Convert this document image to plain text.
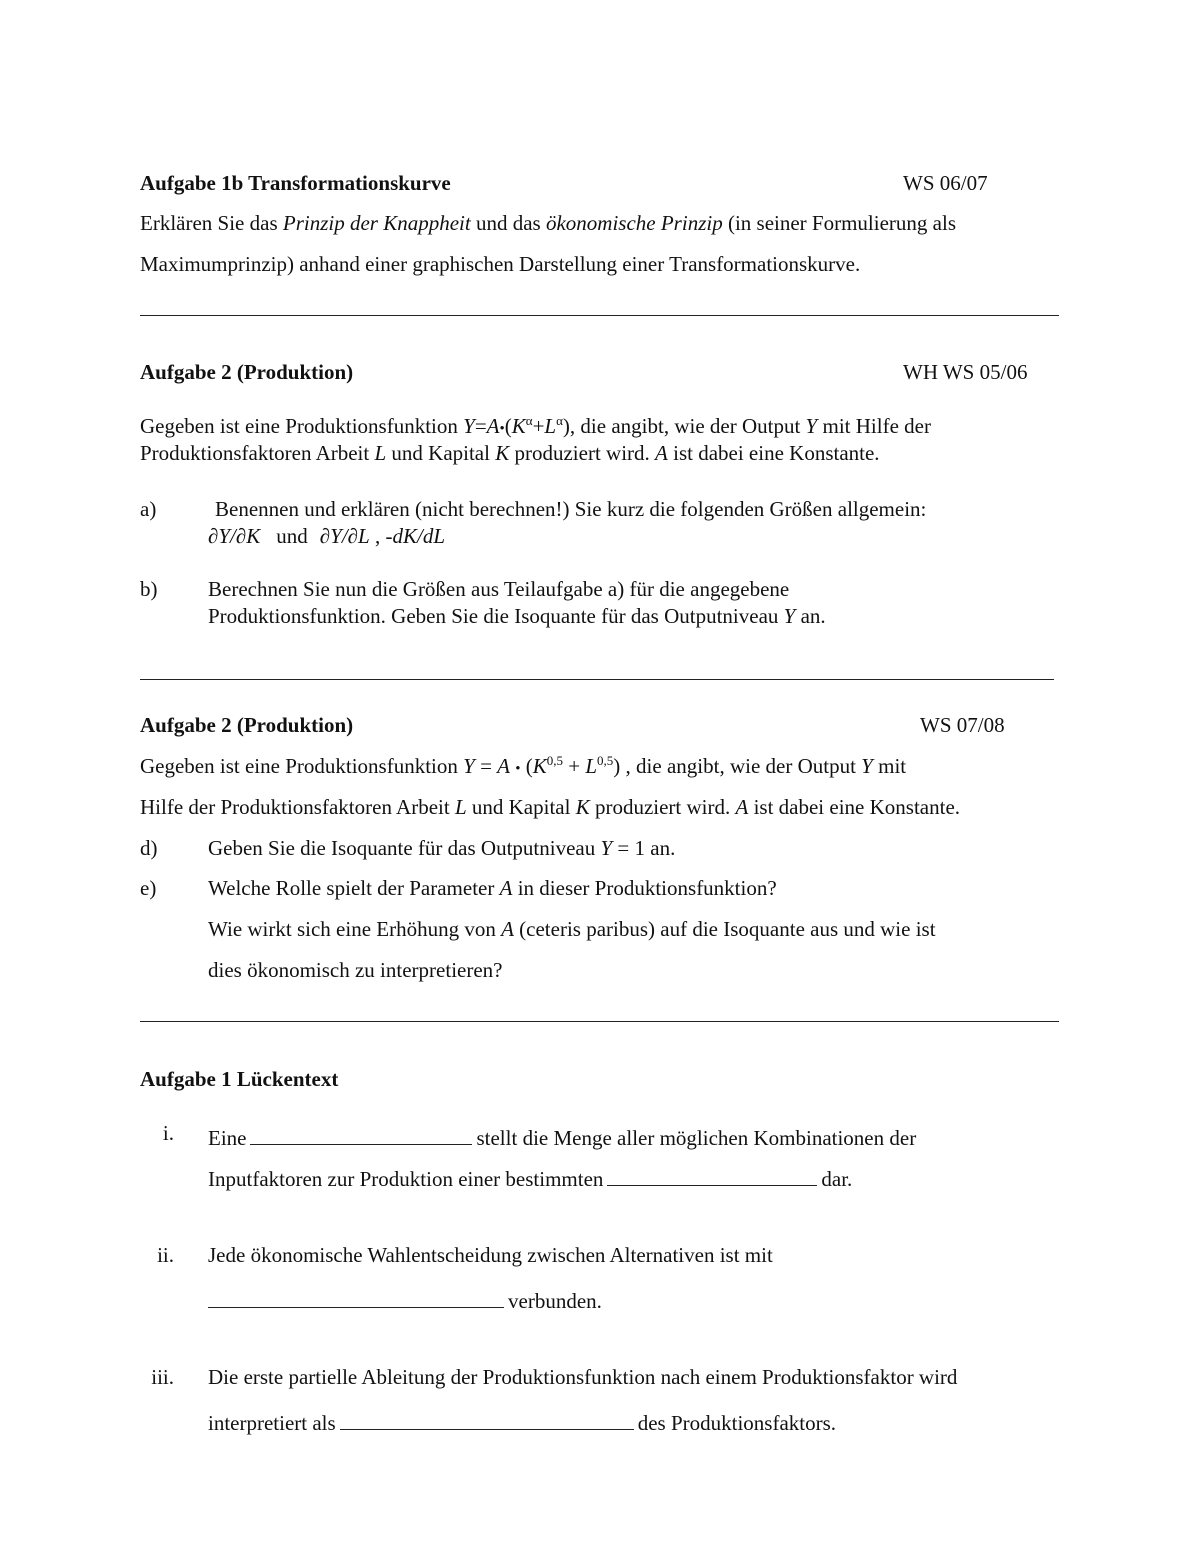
Aufgabe 1b Transformationskurve	WS 06/07
Erklären Sie das Prinzip der Knappheit und das ökonomische Prinzip (in seiner Formulierung als
Maximumprinzip) anhand einer graphischen Darstellung einer Transformationskurve.
Aufgabe 2 (Produktion)	WH WS 05/06
Gegeben ist eine Produktionsfunktion $Y=A•(K^\alpha+L^\alpha)$, die angibt, wie der Output Y mit Hilfe der
Produktionsfaktoren Arbeit L und Kapital K produziert wird. A ist dabei eine Konstante.
a)	Benennen und erklären (nicht berechnen!) Sie kurz die folgenden Größen allgemein:
∂Y/∂K und ∂Y/∂L , -dK/dL
b) Berechnen Sie nun die Größen aus Teilaufgabe a) für die angegebene
Produktionsfunktion. Geben Sie die Isoquante für das Outputniveau Y an.
Aufgabe 2 (Produktion)	WS 07/08
Gegeben ist eine Produktionsfunktion Y = A • $(K^{0,5} + L^{0,5})$ , die angibt, wie der Output Y mit
Hilfe der Produktionsfaktoren Arbeit L und Kapital K produziert wird. A ist dabei eine Konstante.
d) Geben Sie die Isoquante für das Outputniveau Y = 1 an.
e) Welche Rolle spielt der Parameter A in dieser Produktionsfunktion?
Wie wirkt sich eine Erhöhung von A (ceteris paribus) auf die Isoquante aus und wie ist
dies ökonomisch zu interpretieren?
Aufgabe 1 Lückentext
i. Eine	stellt die Menge aller möglichen Kombinationen der
Inputfaktoren zur Produktion einer bestimmten	dar.
ii. Jede ökonomische Wahlentscheidung zwischen Alternativen ist mit
verbunden.
iii. Die erste partielle Ableitung der Produktionsfunktion nach einem Produktionsfaktor wird
interpretiert als	des Produktionsfaktors.
